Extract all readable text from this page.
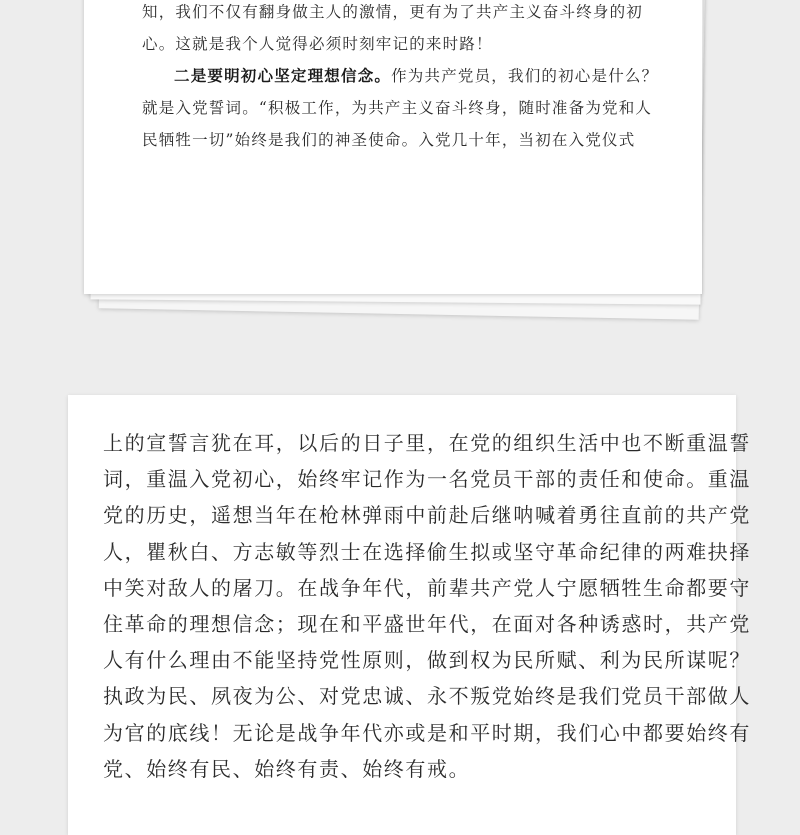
知，我们不仅有翻身做主人的激情，更有为了共产主义奋斗终身的初
心。这就是我个人觉得必须时刻牢记的来时路！
二是要明初心坚定理想信念。作为共产党员，我们的初心是什么？
就是入党誓词。“积极工作，为共产主义奋斗终身，随时准备为党和人
民牺牲一切”始终是我们的神圣使命。入党几十年，当初在入党仪式
上的宣誓言犹在耳，以后的日子里，在党的组织生活中也不断重温誓
词，重温入党初心，始终牢记作为一名党员干部的责任和使命。重温
党的历史，遥想当年在枪林弹雨中前赴后继呐喊着勇往直前的共产党
人，瞿秋白、方志敏等烈士在选择偷生拟或坚守革命纪律的两难抉择
中笑对敌人的屠刀。在战争年代，前辈共产党人宁愿牺牲生命都要守
住革命的理想信念；现在和平盛世年代，在面对各种诱惑时，共产党
人有什么理由不能坚持党性原则，做到权为民所赋、利为民所谋呢？
执政为民、夙夜为公、对党忠诚、永不叛党始终是我们党员干部做人
为官的底线！无论是战争年代亦或是和平时期，我们心中都要始终有
党、始终有民、始终有责、始终有戒。
